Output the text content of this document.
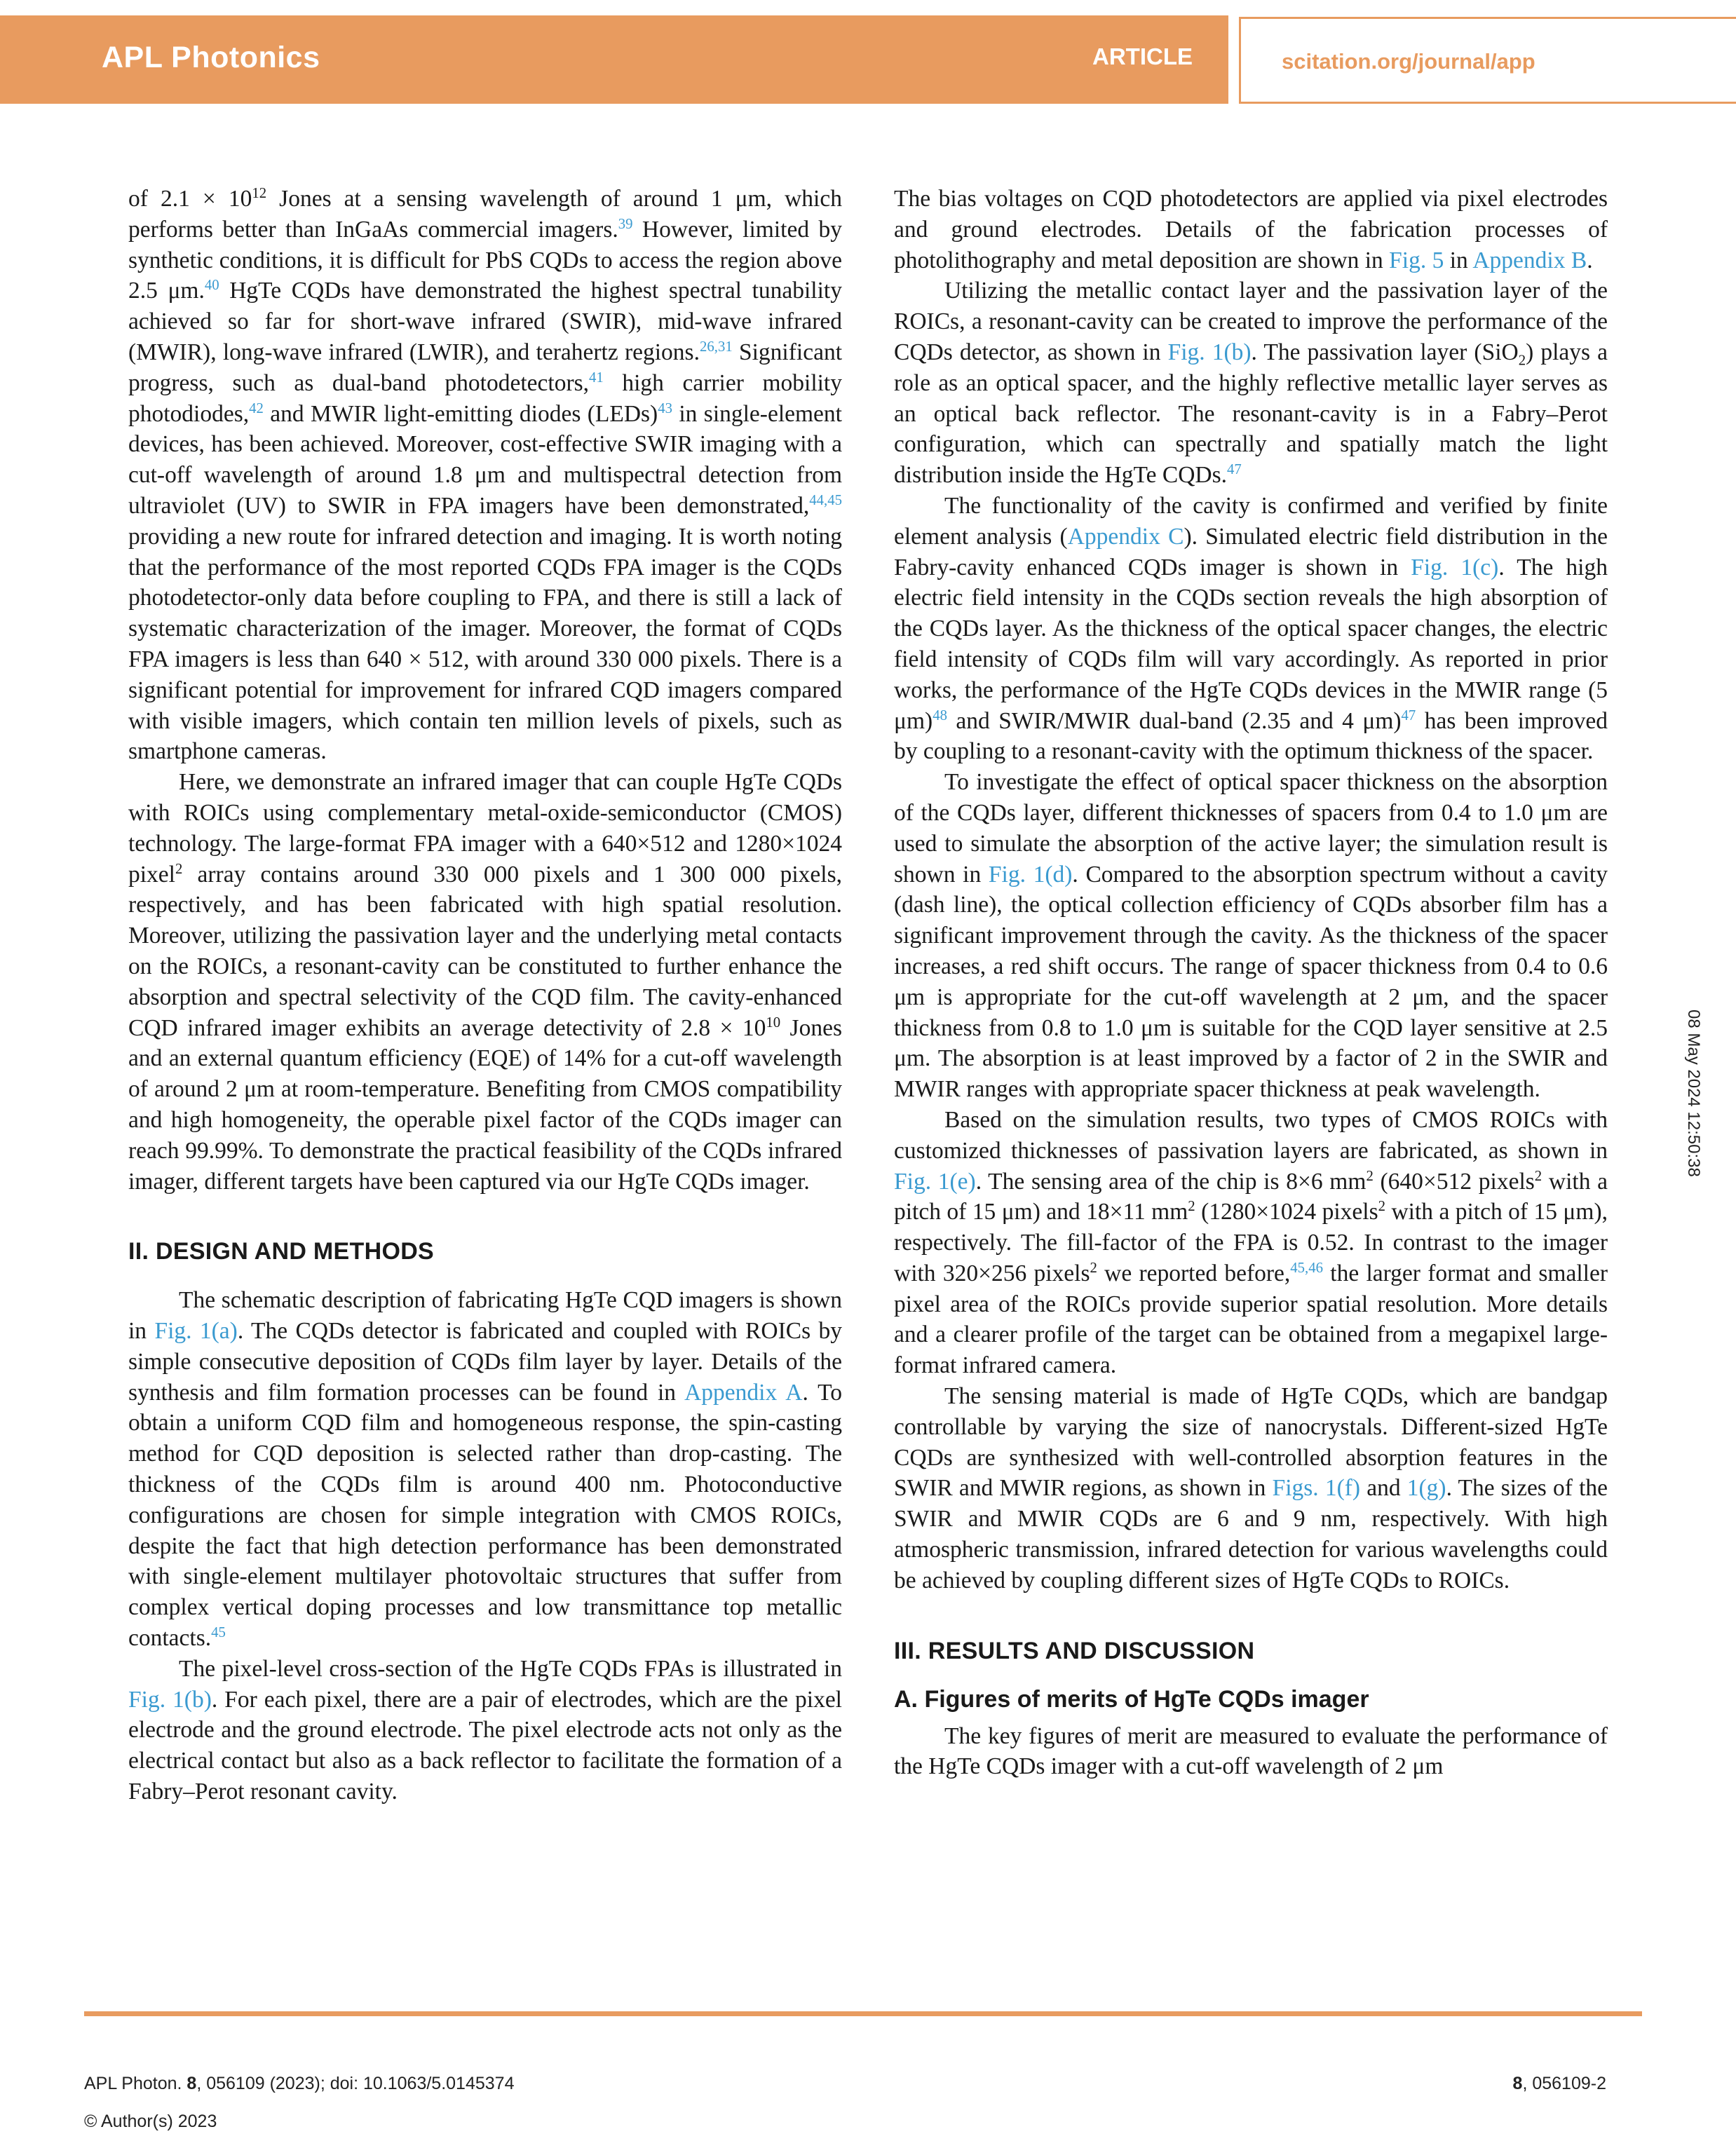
APL Photonics	ARTICLE	scitation.org/journal/app

of $2.1 \times 10^{12}$ Jones at a sensing wavelength of around 1 μm, which performs better than InGaAs commercial imagers.$^{39}$ However, limited by synthetic conditions, it is difficult for PbS CQDs to access the region above 2.5 μm.$^{40}$ HgTe CQDs have demonstrated the highest spectral tunability achieved so far for short-wave infrared (SWIR), mid-wave infrared (MWIR), long-wave infrared (LWIR), and terahertz regions.$^{26,31}$ Significant progress, such as dual-band photodetectors,$^{41}$ high carrier mobility photodiodes,$^{42}$ and MWIR light-emitting diodes (LEDs)$^{43}$ in single-element devices, has been achieved. Moreover, cost-effective SWIR imaging with a cut-off wavelength of around 1.8 μm and multispectral detection from ultraviolet (UV) to SWIR in FPA imagers have been demonstrated,$^{44,45}$ providing a new route for infrared detection and imaging. It is worth noting that the performance of the most reported CQDs FPA imager is the CQDs photodetector-only data before coupling to FPA, and there is still a lack of systematic characterization of the imager. Moreover, the format of CQDs FPA imagers is less than 640 × 512, with around 330 000 pixels. There is a significant potential for improvement for infrared CQD imagers compared with visible imagers, which contain ten million levels of pixels, such as smartphone cameras.

Here, we demonstrate an infrared imager that can couple HgTe CQDs with ROICs using complementary metal-oxide-semiconductor (CMOS) technology. The large-format FPA imager with a 640×512 and 1280×1024 pixel$^2$ array contains around 330 000 pixels and 1 300 000 pixels, respectively, and has been fabricated with high spatial resolution. Moreover, utilizing the passivation layer and the underlying metal contacts on the ROICs, a resonant-cavity can be constituted to further enhance the absorption and spectral selectivity of the CQD film. The cavity-enhanced CQD infrared imager exhibits an average detectivity of $2.8 \times 10^{10}$ Jones and an external quantum efficiency (EQE) of 14% for a cut-off wavelength of around 2 μm at room-temperature. Benefiting from CMOS compatibility and high homogeneity, the operable pixel factor of the CQDs imager can reach 99.99%. To demonstrate the practical feasibility of the CQDs infrared imager, different targets have been captured via our HgTe CQDs imager.

II. DESIGN AND METHODS

The schematic description of fabricating HgTe CQD imagers is shown in Fig. 1(a). The CQDs detector is fabricated and coupled with ROICs by simple consecutive deposition of CQDs film layer by layer. Details of the synthesis and film formation processes can be found in Appendix A. To obtain a uniform CQD film and homogeneous response, the spin-casting method for CQD deposition is selected rather than drop-casting. The thickness of the CQDs film is around 400 nm. Photoconductive configurations are chosen for simple integration with CMOS ROICs, despite the fact that high detection performance has been demonstrated with single-element multilayer photovoltaic structures that suffer from complex vertical doping processes and low transmittance top metallic contacts.$^{45}$

The pixel-level cross-section of the HgTe CQDs FPAs is illustrated in Fig. 1(b). For each pixel, there are a pair of electrodes, which are the pixel electrode and the ground electrode. The pixel electrode acts not only as the electrical contact but also as a back reflector to facilitate the formation of a Fabry–Perot resonant cavity.

The bias voltages on CQD photodetectors are applied via pixel electrodes and ground electrodes. Details of the fabrication processes of photolithography and metal deposition are shown in Fig. 5 in Appendix B.

Utilizing the metallic contact layer and the passivation layer of the ROICs, a resonant-cavity can be created to improve the performance of the CQDs detector, as shown in Fig. 1(b). The passivation layer (SiO$_2$) plays a role as an optical spacer, and the highly reflective metallic layer serves as an optical back reflector. The resonant-cavity is in a Fabry–Perot configuration, which can spectrally and spatially match the light distribution inside the HgTe CQDs.$^{47}$

The functionality of the cavity is confirmed and verified by finite element analysis (Appendix C). Simulated electric field distribution in the Fabry-cavity enhanced CQDs imager is shown in Fig. 1(c). The high electric field intensity in the CQDs section reveals the high absorption of the CQDs layer. As the thickness of the optical spacer changes, the electric field intensity of CQDs film will vary accordingly. As reported in prior works, the performance of the HgTe CQDs devices in the MWIR range (5 μm)$^{48}$ and SWIR/MWIR dual-band (2.35 and 4 μm)$^{47}$ has been improved by coupling to a resonant-cavity with the optimum thickness of the spacer.

To investigate the effect of optical spacer thickness on the absorption of the CQDs layer, different thicknesses of spacers from 0.4 to 1.0 μm are used to simulate the absorption of the active layer; the simulation result is shown in Fig. 1(d). Compared to the absorption spectrum without a cavity (dash line), the optical collection efficiency of CQDs absorber film has a significant improvement through the cavity. As the thickness of the spacer increases, a red shift occurs. The range of spacer thickness from 0.4 to 0.6 μm is appropriate for the cut-off wavelength at 2 μm, and the spacer thickness from 0.8 to 1.0 μm is suitable for the CQD layer sensitive at 2.5 μm. The absorption is at least improved by a factor of 2 in the SWIR and MWIR ranges with appropriate spacer thickness at peak wavelength.

Based on the simulation results, two types of CMOS ROICs with customized thicknesses of passivation layers are fabricated, as shown in Fig. 1(e). The sensing area of the chip is 8×6 $mm^2$ (640×512 pixels$^2$ with a pitch of 15 μm) and 18×11 $mm^2$ (1280×1024 pixels$^2$ with a pitch of 15 μm), respectively. The fill-factor of the FPA is 0.52. In contrast to the imager with 320×256 pixels$^2$ we reported before,$^{45,46}$ the larger format and smaller pixel area of the ROICs provide superior spatial resolution. More details and a clearer profile of the target can be obtained from a megapixel large-format infrared camera.

The sensing material is made of HgTe CQDs, which are bandgap controllable by varying the size of nanocrystals. Different-sized HgTe CQDs are synthesized with well-controlled absorption features in the SWIR and MWIR regions, as shown in Figs. 1(f) and 1(g). The sizes of the SWIR and MWIR CQDs are 6 and 9 nm, respectively. With high atmospheric transmission, infrared detection for various wavelengths could be achieved by coupling different sizes of HgTe CQDs to ROICs.

III. RESULTS AND DISCUSSION
A. Figures of merits of HgTe CQDs imager

The key figures of merit are measured to evaluate the performance of the HgTe CQDs imager with a cut-off wavelength of 2 μm

08 May 2024 12:50:38
APL Photon. 8, 056109 (2023); doi: 10.1063/5.0145374
© Author(s) 2023
8, 056109-2
